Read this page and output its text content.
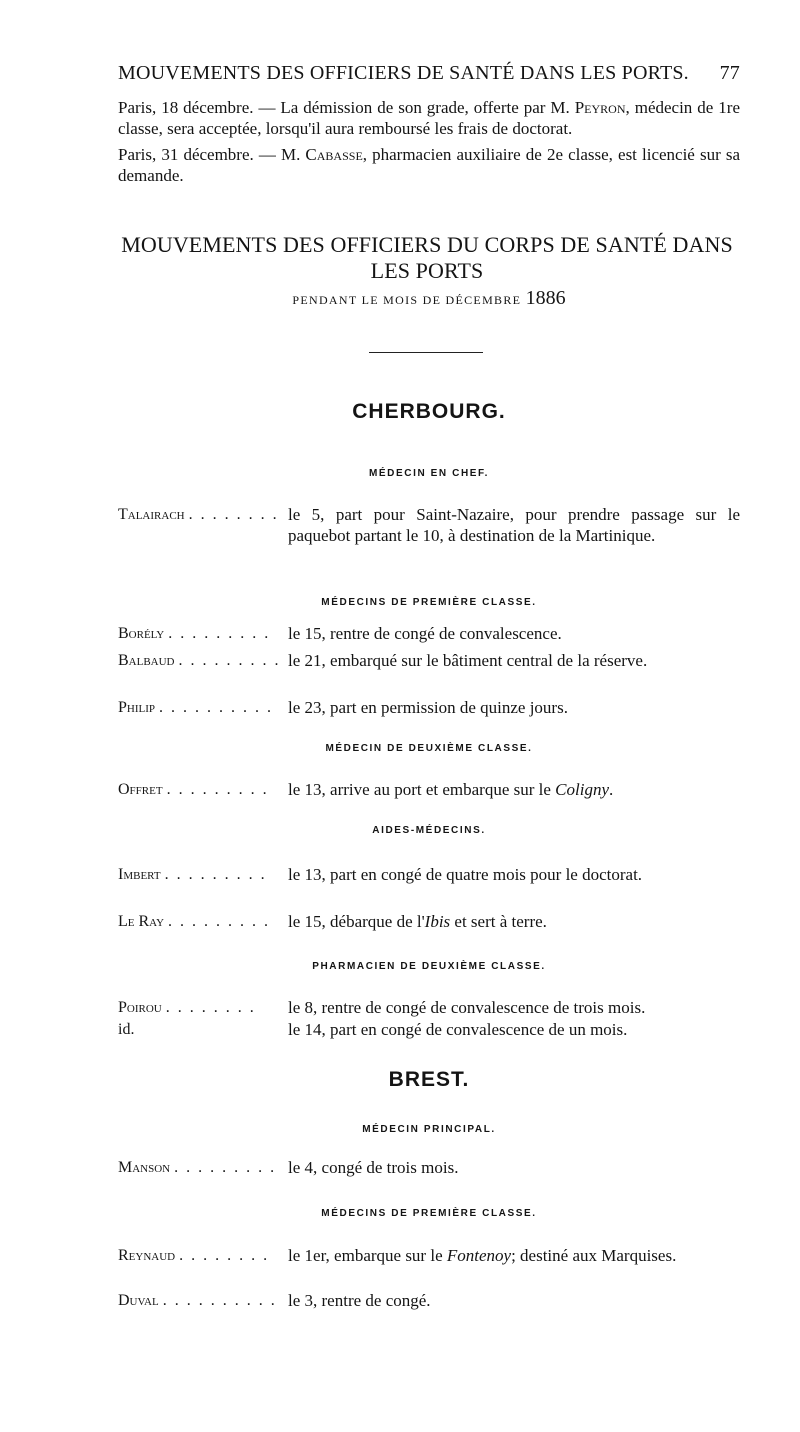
MOUVEMENTS DES OFFICIERS DE SANTÉ DANS LES PORTS. 77
Paris, 18 décembre. — La démission de son grade, offerte par M. Peyron, médecin de 1re classe, sera acceptée, lorsqu'il aura remboursé les frais de doctorat.
Paris, 31 décembre. — M. Cabasse, pharmacien auxiliaire de 2e classe, est licencié sur sa demande.
MOUVEMENTS DES OFFICIERS DU CORPS DE SANTÉ DANS LES PORTS
PENDANT LE MOIS DE DÉCEMBRE 1886
CHERBOURG.
MÉDECIN EN CHEF.
Talairach . . . . . . . . le 5, part pour Saint-Nazaire, pour prendre passage sur le paquebot partant le 10, à destination de la Martinique.
MÉDECINS DE PREMIÈRE CLASSE.
Borély . . . . . . . . .	le 15, rentre de congé de convalescence.
Balbaud . . . . . . . . . le 21, embarqué sur le bâtiment central de la réserve.
Philip . . . . . . . . . . le 23, part en permission de quinze jours.
MÉDECIN DE DEUXIÈME CLASSE.
Offret . . . . . . . . .	le 13, arrive au port et embarque sur le Coligny.
AIDES-MÉDECINS.
Imbert . . . . . . . . .	le 13, part en congé de quatre mois pour le doctorat.
Le Ray . . . . . . . . .	le 15, débarque de l'Ibis et sert à terre.
PHARMACIEN DE DEUXIÈME CLASSE.
Poirou . . . . . . . .	le 8, rentre de congé de convalescence de trois mois.
id.	le 14, part en congé de convalescence de un mois.
BREST.
MÉDECIN PRINCIPAL.
Manson . . . . . . . . . le 4, congé de trois mois.
MÉDECINS DE PREMIÈRE CLASSE.
Reynaud . . . . . . . .	le 1er, embarque sur le Fontenoy; destiné aux Marquises.
Duval . . . . . . . . . . le 3, rentre de congé.
